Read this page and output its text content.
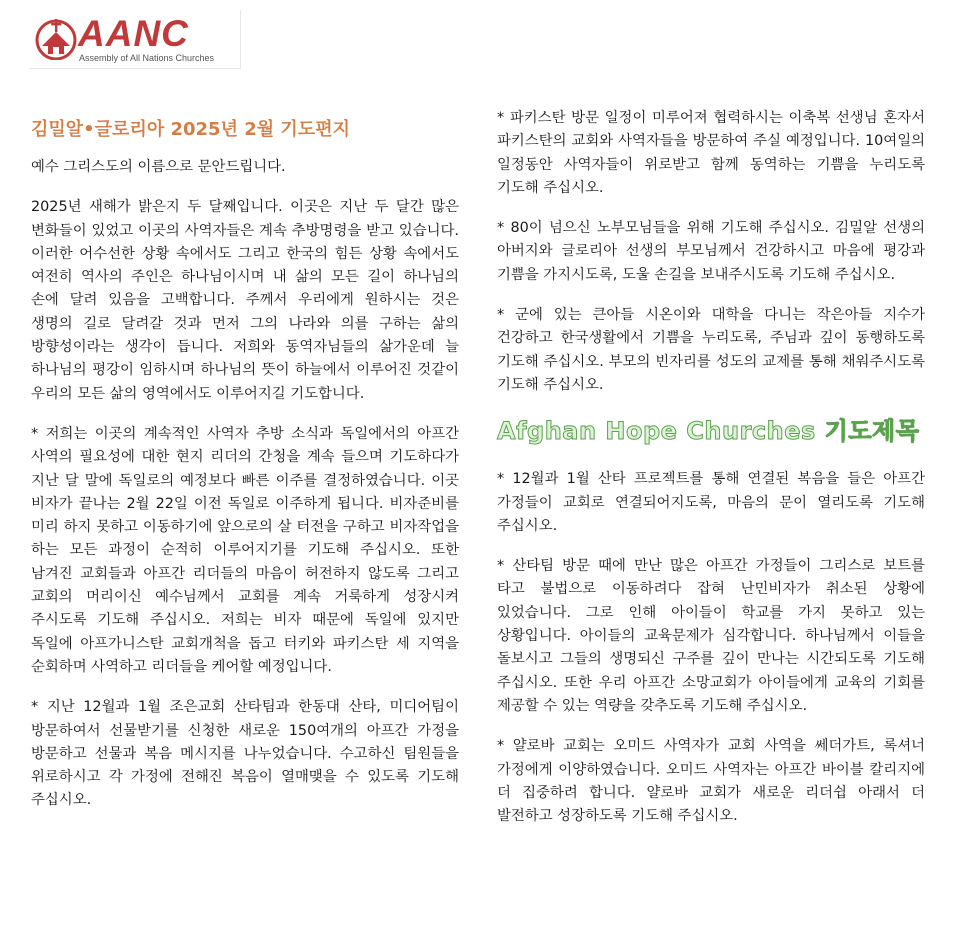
AANC
Assembly of All Nations Churches
김밀알•글로리아 2025년 2월 기도편지

예수 그리스도의 이름으로 문안드립니다.

2025년 새해가 밝은지 두 달째입니다. 이곳은 지난 두 달간 많은 변화들이 있었고 이곳의 사역자들은 계속 추방명령을 받고 있습니다. 이러한 어수선한 상황 속에서도 그리고 한국의 힘든 상황 속에서도 여전히 역사의 주인은 하나님이시며 내 삶의 모든 길이 하나님의 손에 달려 있음을 고백합니다. 주께서 우리에게 원하시는 것은 생명의 길로 달려갈 것과 먼저 그의 나라와 의를 구하는 삶의 방향성이라는 생각이 듭니다. 저희와 동역자님들의 삶가운데 늘 하나님의 평강이 임하시며 하나님의 뜻이 하늘에서 이루어진 것같이 우리의 모든 삶의 영역에서도 이루어지길 기도합니다.

* 저희는 이곳의 계속적인 사역자 추방 소식과 독일에서의 아프간 사역의 필요성에 대한 현지 리더의 간청을 계속 들으며 기도하다가 지난 달 말에 독일로의 예정보다 빠른 이주를 결정하였습니다. 이곳 비자가 끝나는 2월 22일 이전 독일로 이주하게 됩니다. 비자준비를 미리 하지 못하고 이동하기에 앞으로의 살 터전을 구하고 비자작업을 하는 모든 과정이 순적히 이루어지기를 기도해 주십시오. 또한 남겨진 교회들과 아프간 리더들의 마음이 허전하지 않도록 그리고 교회의 머리이신 예수님께서 교회를 계속 거룩하게 성장시켜 주시도록 기도해 주십시오. 저희는 비자 때문에 독일에 있지만 독일에 아프가니스탄 교회개척을 돕고 터키와 파키스탄 세 지역을 순회하며 사역하고 리더들을 케어할 예정입니다.

* 지난 12월과 1월 조은교회 산타팀과 한동대 산타, 미디어팀이 방문하여서 선물받기를 신청한 새로운 150여개의 아프간 가정을 방문하고 선물과 복음 메시지를 나누었습니다. 수고하신 팀원들을 위로하시고 각 가정에 전해진 복음이 열매맺을 수 있도록 기도해 주십시오.

* 파키스탄 방문 일정이 미루어져 협력하시는 이축복 선생님 혼자서 파키스탄의 교회와 사역자들을 방문하여 주실 예정입니다. 10여일의 일정동안 사역자들이 위로받고 함께 동역하는 기쁨을 누리도록 기도해 주십시오.

* 80이 넘으신 노부모님들을 위해 기도해 주십시오. 김밀알 선생의 아버지와 글로리아 선생의 부모님께서 건강하시고 마음에 평강과 기쁨을 가지시도록, 도울 손길을 보내주시도록 기도해 주십시오.

* 군에 있는 큰아들 시온이와 대학을 다니는 작은아들 지수가 건강하고 한국생활에서 기쁨을 누리도록, 주님과 깊이 동행하도록 기도해 주십시오. 부모의 빈자리를 성도의 교제를 통해 채워주시도록 기도해 주십시오.

Afghan Hope Churches 기도제목

* 12월과 1월 산타 프로젝트를 통해 연결된 복음을 들은 아프간 가정들이 교회로 연결되어지도록, 마음의 문이 열리도록 기도해 주십시오.

* 산타팀 방문 때에 만난 많은 아프간 가정들이 그리스로 보트를 타고 불법으로 이동하려다 잡혀 난민비자가 취소된 상황에 있었습니다. 그로 인해 아이들이 학교를 가지 못하고 있는 상황입니다. 아이들의 교육문제가 심각합니다. 하나님께서 이들을 돌보시고 그들의 생명되신 구주를 깊이 만나는 시간되도록 기도해 주십시오. 또한 우리 아프간 소망교회가 아이들에게 교육의 기회를 제공할 수 있는 역량을 갖추도록 기도해 주십시오.

* 얄로바 교회는 오미드 사역자가 교회 사역을 쎄더가트, 록셔너 가정에게 이양하였습니다. 오미드 사역자는 아프간 바이블 칼리지에 더 집중하려 합니다. 얄로바 교회가 새로운 리더쉽 아래서 더 발전하고 성장하도록 기도해 주십시오.
